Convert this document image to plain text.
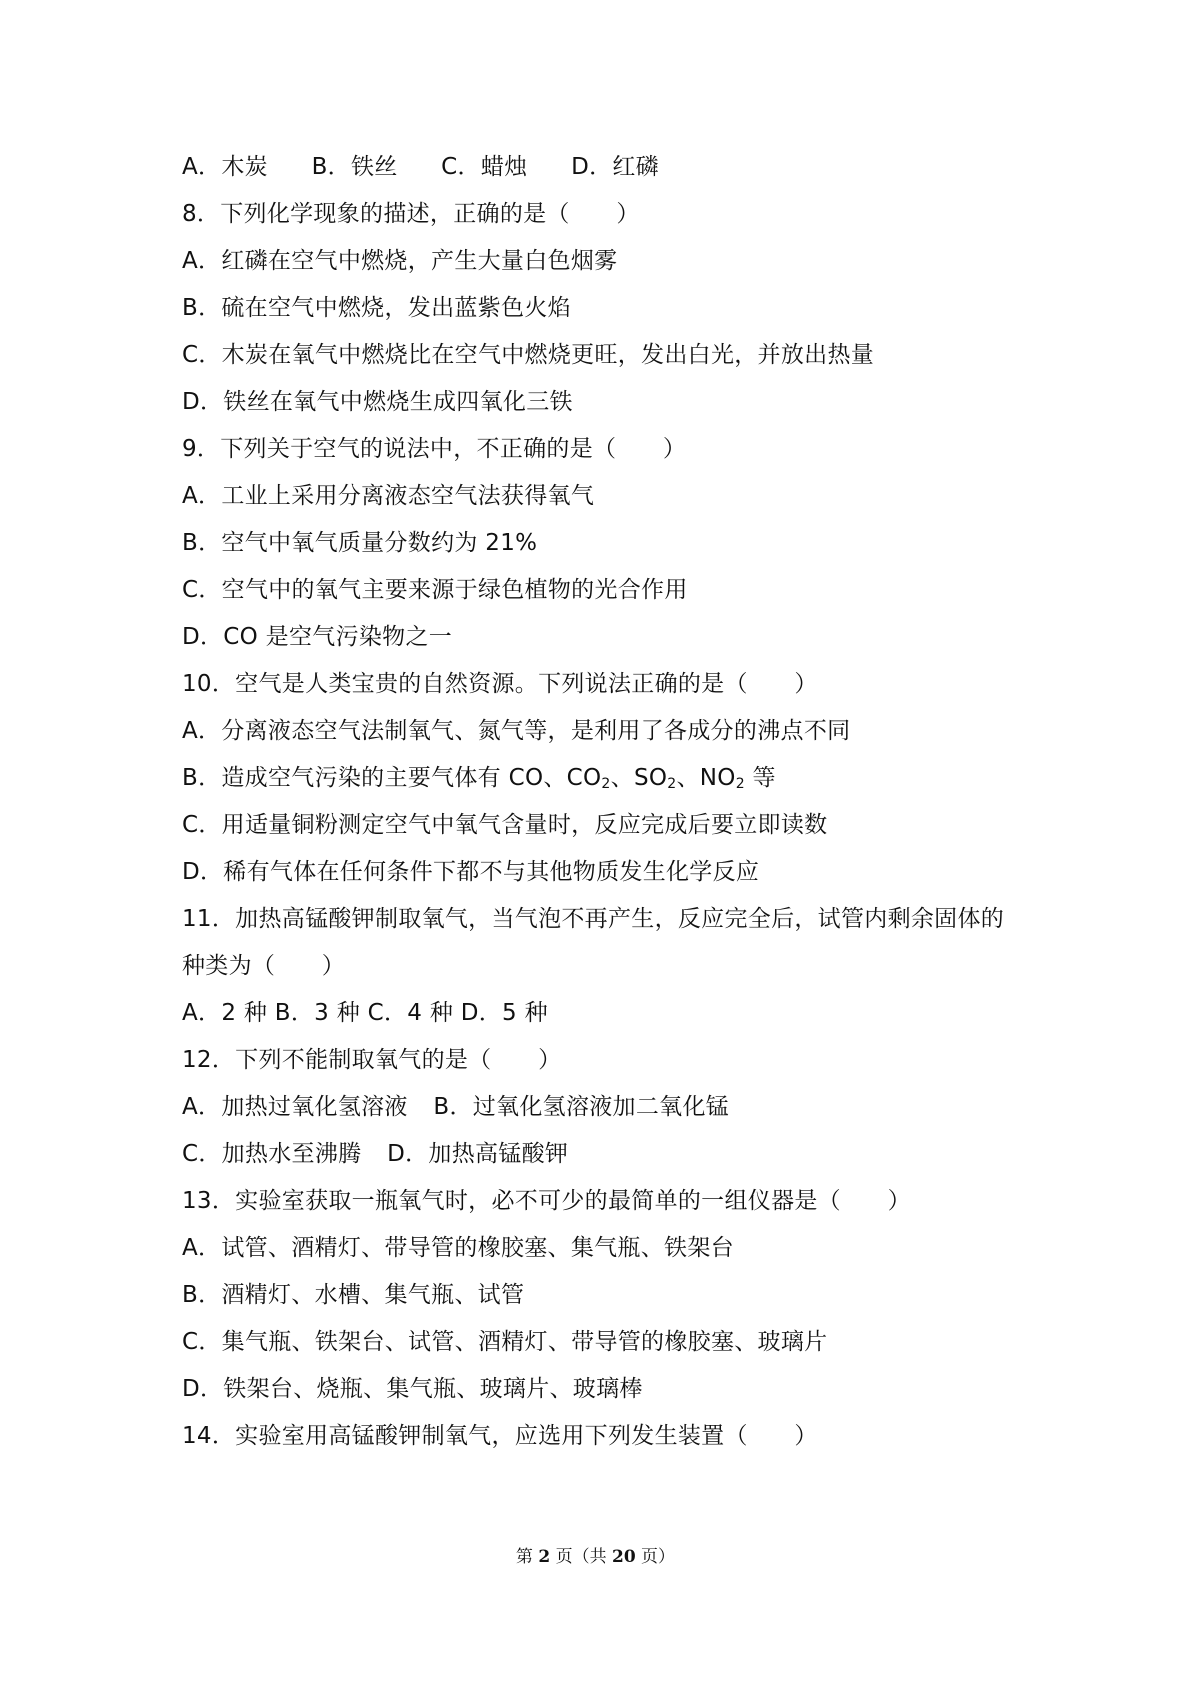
A．木炭 B．铁丝 C．蜡烛 D．红磷
8．下列化学现象的描述，正确的是（　　）
A．红磷在空气中燃烧，产生大量白色烟雾
B．硫在空气中燃烧，发出蓝紫色火焰
C．木炭在氧气中燃烧比在空气中燃烧更旺，发出白光，并放出热量
D．铁丝在氧气中燃烧生成四氧化三铁
9．下列关于空气的说法中，不正确的是（　　）
A．工业上采用分离液态空气法获得氧气
B．空气中氧气质量分数约为 21%
C．空气中的氧气主要来源于绿色植物的光合作用
D．CO 是空气污染物之一
10．空气是人类宝贵的自然资源。下列说法正确的是（　　）
A．分离液态空气法制氧气、氮气等，是利用了各成分的沸点不同
B．造成空气污染的主要气体有 CO、$CO_2$、$SO_2$、$NO_2$ 等
C．用适量铜粉测定空气中氧气含量时，反应完成后要立即读数
D．稀有气体在任何条件下都不与其他物质发生化学反应
11．加热高锰酸钾制取氧气，当气泡不再产生，反应完全后，试管内剩余固体的
种类为（　　）
A．2 种 B．3 种 C．4 种 D．5 种
12．下列不能制取氧气的是（　　）
A．加热过氧化氢溶液 B．过氧化氢溶液加二氧化锰
C．加热水至沸腾 D．加热高锰酸钾
13．实验室获取一瓶氧气时，必不可少的最简单的一组仪器是（　　）
A．试管、酒精灯、带导管的橡胶塞、集气瓶、铁架台
B．酒精灯、水槽、集气瓶、试管
C．集气瓶、铁架台、试管、酒精灯、带导管的橡胶塞、玻璃片
D．铁架台、烧瓶、集气瓶、玻璃片、玻璃棒
14．实验室用高锰酸钾制氧气，应选用下列发生装置（　　）
第 2 页（共 20 页）
